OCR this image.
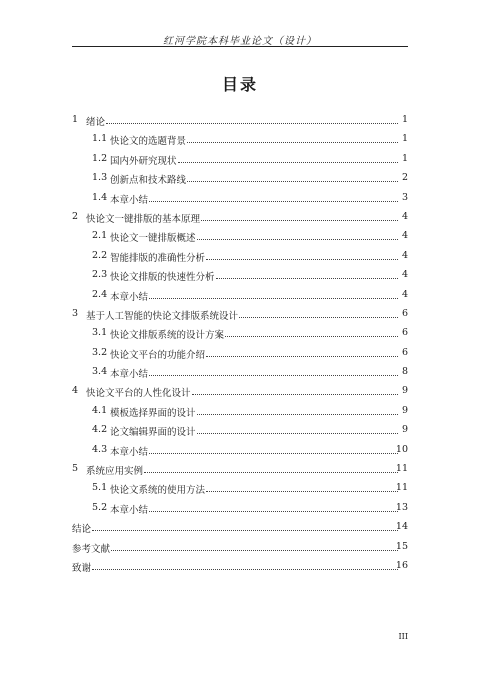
红河学院本科毕业论文（设计）
目录
1 绪论	1
1.1 快论文的选题背景	1
1.2 国内外研究现状	1
1.3 创新点和技术路线	2
1.4 本章小结	3
2 快论文一键排版的基本原理	4
2.1 快论文一键排版概述	4
2.2 智能排版的准确性分析	4
2.3 快论文排版的快速性分析	4
2.4 本章小结	4
3 基于人工智能的快论文排版系统设计	6
3.1 快论文排版系统的设计方案	6
3.2 快论文平台的功能介绍	6
3.4 本章小结	8
4 快论文平台的人性化设计	9
4.1 模板选择界面的设计	9
4.2 论文编辑界面的设计	9
4.3 本章小结	10
5 系统应用实例	11
5.1 快论文系统的使用方法	11
5.2 本章小结	13
结论	14
参考文献	15
致谢	16
III
